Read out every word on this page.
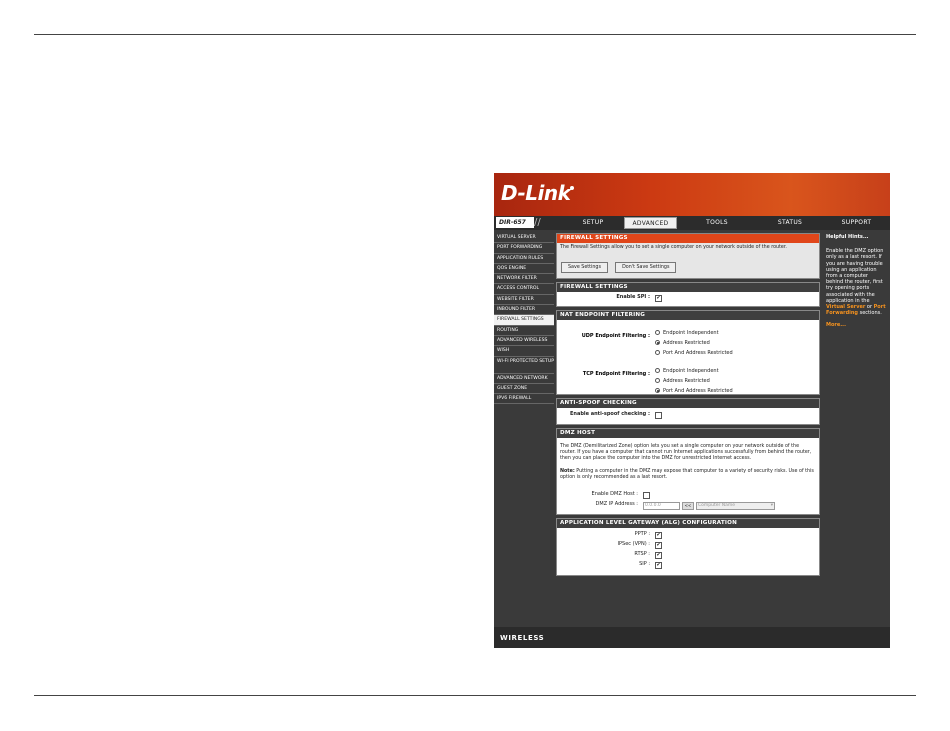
D-Link
DIR-657 //	SETUP	ADVANCED	TOOLS	STATUS	SUPPORT
VIRTUAL SERVER
PORT FORWARDING
APPLICATION RULES
QOS ENGINE
NETWORK FILTER
ACCESS CONTROL
WEBSITE FILTER
INBOUND FILTER
FIREWALL SETTINGS
ROUTING
ADVANCED WIRELESS
WISH
WI-FI PROTECTED SETUP
ADVANCED NETWORK
GUEST ZONE
IPV6 FIREWALL
FIREWALL SETTINGS
The Firewall Settings allow you to set a single computer on your network outside of the router.
Save Settings	Don't Save Settings
FIREWALL SETTINGS
Enable SPI : ✔
NAT ENDPOINT FILTERING
UDP Endpoint Filtering :
Endpoint Independent
Address Restricted
Port And Address Restricted
TCP Endpoint Filtering :
Endpoint Independent
Address Restricted
Port And Address Restricted
ANTI-SPOOF CHECKING
Enable anti-spoof checking :
DMZ HOST
The DMZ (Demilitarized Zone) option lets you set a single computer on your network outside of the router. If you have a computer that cannot run Internet applications successfully from behind the router, then you can place the computer into the DMZ for unrestricted Internet access.
Note: Putting a computer in the DMZ may expose that computer to a variety of security risks. Use of this option is only recommended as a last resort.
Enable DMZ Host :
DMZ IP Address :	0.0.0.0	<< Computer Name	▾
APPLICATION LEVEL GATEWAY (ALG) CONFIGURATION
PPTP : ✔
IPSec (VPN) : ✔
RTSP : ✔
SIP : ✔
Helpful Hints...
Enable the DMZ option only as a last resort. If you are having trouble using an application from a computer behind the router, first try opening ports associated with the application in the Virtual Server or Port Forwarding sections.
More...
WIRELESS
